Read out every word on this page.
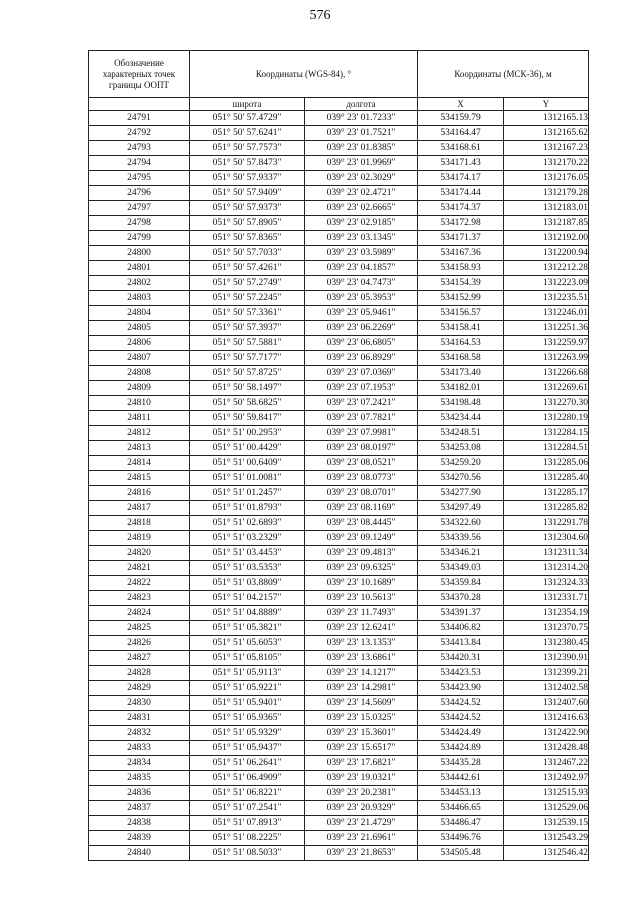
576
Обозначение характерных точек границы ООПТ	Координаты (WGS-84), °		Координаты (МСК-36), м	
	широта	долгота	X	Y
24791	051° 50' 57.4729"	039° 23' 01.7233"	534159.79	1312165.13
24792	051° 50' 57.6241"	039° 23' 01.7521"	534164.47	1312165.62
24793	051° 50' 57.7573"	039° 23' 01.8385"	534168.61	1312167.23
24794	051° 50' 57.8473"	039° 23' 01.9969"	534171.43	1312170.22
24795	051° 50' 57.9337"	039° 23' 02.3029"	534174.17	1312176.05
24796	051° 50' 57.9409"	039° 23' 02.4721"	534174.44	1312179.28
24797	051° 50' 57.9373"	039° 23' 02.6665"	534174.37	1312183.01
24798	051° 50' 57.8905"	039° 23' 02.9185"	534172.98	1312187.85
24799	051° 50' 57.8365"	039° 23' 03.1345"	534171.37	1312192.00
24800	051° 50' 57.7033"	039° 23' 03.5989"	534167.36	1312200.94
24801	051° 50' 57.4261"	039° 23' 04.1857"	534158.93	1312212.28
24802	051° 50' 57.2749"	039° 23' 04.7473"	534154.39	1312223.09
24803	051° 50' 57.2245"	039° 23' 05.3953"	534152.99	1312235.51
24804	051° 50' 57.3361"	039° 23' 05.9461"	534156.57	1312246.01
24805	051° 50' 57.3937"	039° 23' 06.2269"	534158.41	1312251.36
24806	051° 50' 57.5881"	039° 23' 06.6805"	534164.53	1312259.97
24807	051° 50' 57.7177"	039° 23' 06.8929"	534168.58	1312263.99
24808	051° 50' 57.8725"	039° 23' 07.0369"	534173.40	1312266.68
24809	051° 50' 58.1497"	039° 23' 07.1953"	534182.01	1312269.61
24810	051° 50' 58.6825"	039° 23' 07.2421"	534198.48	1312270.30
24811	051° 50' 59.8417"	039° 23' 07.7821"	534234.44	1312280.19
24812	051° 51' 00.2953"	039° 23' 07.9981"	534248.51	1312284.15
24813	051° 51' 00.4429"	039° 23' 08.0197"	534253.08	1312284.51
24814	051° 51' 00.6409"	039° 23' 08.0521"	534259.20	1312285.06
24815	051° 51' 01.0081"	039° 23' 08.0773"	534270.56	1312285.40
24816	051° 51' 01.2457"	039° 23' 08.0701"	534277.90	1312285.17
24817	051° 51' 01.8793"	039° 23' 08.1169"	534297.49	1312285.82
24818	051° 51' 02.6893"	039° 23' 08.4445"	534322.60	1312291.78
24819	051° 51' 03.2329"	039° 23' 09.1249"	534339.56	1312304.60
24820	051° 51' 03.4453"	039° 23' 09.4813"	534346.21	1312311.34
24821	051° 51' 03.5353"	039° 23' 09.6325"	534349.03	1312314.20
24822	051° 51' 03.8809"	039° 23' 10.1689"	534359.84	1312324.33
24823	051° 51' 04.2157"	039° 23' 10.5613"	534370.28	1312331.71
24824	051° 51' 04.8889"	039° 23' 11.7493"	534391.37	1312354.19
24825	051° 51' 05.3821"	039° 23' 12.6241"	534406.82	1312370.75
24826	051° 51' 05.6053"	039° 23' 13.1353"	534413.84	1312380.45
24827	051° 51' 05.8105"	039° 23' 13.6861"	534420.31	1312390.91
24828	051° 51' 05.9113"	039° 23' 14.1217"	534423.53	1312399.21
24829	051° 51' 05.9221"	039° 23' 14.2981"	534423.90	1312402.58
24830	051° 51' 05.9401"	039° 23' 14.5609"	534424.52	1312407.60
24831	051° 51' 05.9365"	039° 23' 15.0325"	534424.52	1312416.63
24832	051° 51' 05.9329"	039° 23' 15.3601"	534424.49	1312422.90
24833	051° 51' 05.9437"	039° 23' 15.6517"	534424.89	1312428.48
24834	051° 51' 06.2641"	039° 23' 17.6821"	534435.28	1312467.22
24835	051° 51' 06.4909"	039° 23' 19.0321"	534442.61	1312492.97
24836	051° 51' 06.8221"	039° 23' 20.2381"	534453.13	1312515.93
24837	051° 51' 07.2541"	039° 23' 20.9329"	534466.65	1312529.06
24838	051° 51' 07.8913"	039° 23' 21.4729"	534486.47	1312539.15
24839	051° 51' 08.2225"	039° 23' 21.6961"	534496.76	1312543.29
24840	051° 51' 08.5033"	039° 23' 21.8653"	534505.48	1312546.42
